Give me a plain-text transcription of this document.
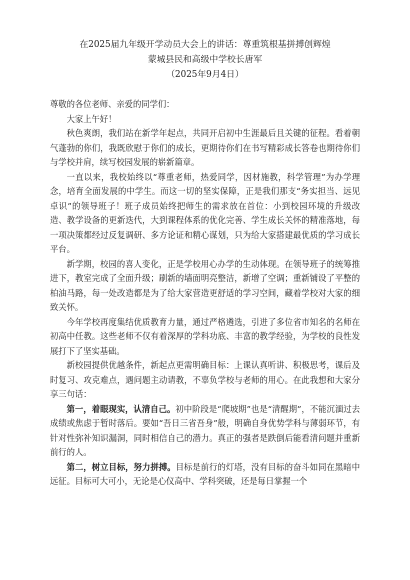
在2025届九年级开学动员大会上的讲话：尊重筑根基拼搏创辉煌

蒙城县民和高级中学校长唐军

（2025年9月4日）

尊敬的各位老师、亲爱的同学们：

大家上午好！

秋色爽朗，我们站在新学年起点，共同开启初中生涯最后且关键的征程。看着朝气蓬勃的你们，我既欣慰于你们的成长，更期待你们在书写精彩成长答卷也期待你们与学校并肩，续写校园发展的崭新篇章。

一直以来，我校始终以“尊重老师，热爱同学，因材施教，科学管理”为办学理念，培育全面发展的中学生。而这一切的坚实保障，正是我们那支“务实担当、远见卓识”的领导班子！班子成员始终把师生的需求放在首位：小到校园环境的升级改造、教学设备的更新迭代，大到课程体系的优化完善、学生成长关怀的精准落地，每一项决策都经过反复调研、多方论证和精心谋划，只为给大家搭建最优质的学习成长平台。

新学期，校园的喜人变化，正是学校用心办学的生动体现。在领导班子的统筹推进下，教室完成了全面升级；刷新的墙面明亮整洁，新增了空调；重新铺设了平整的柏油马路，每一处改造都是为了给大家营造更舒适的学习空间，藏着学校对大家的细致关怀。

今年学校再度集结优质教育力量，通过严格遴选，引进了多位省市知名的名师在初高中任教。这些老师不仅有着深厚的学科功底、丰富的教学经验，为学校的良性发展打下了坚实基础。

新校园提供优越条件，新起点更需明确目标：上课认真听讲、积极思考，课后及时复习、攻克难点，遇问题主动请教，不辜负学校与老师的用心。在此我想和大家分享三句话：

第一，着眼现实，认清自己。初中阶段是“爬坡期”也是“清醒期”，不能沉湎过去成绩或焦虑于暂时落后。要如“吾日三省吾身”般，明确自身优势学科与薄弱环节，有针对性弥补知识漏洞，同时相信自己的潜力。真正的强者是跌倒后能看清问题并重新前行的人。

第二，树立目标，努力拼搏。目标是前行的灯塔，没有目标的奋斗如同在黑暗中远征。目标可大可小，无论是心仪高中、学科突破，还是每日掌握一个
